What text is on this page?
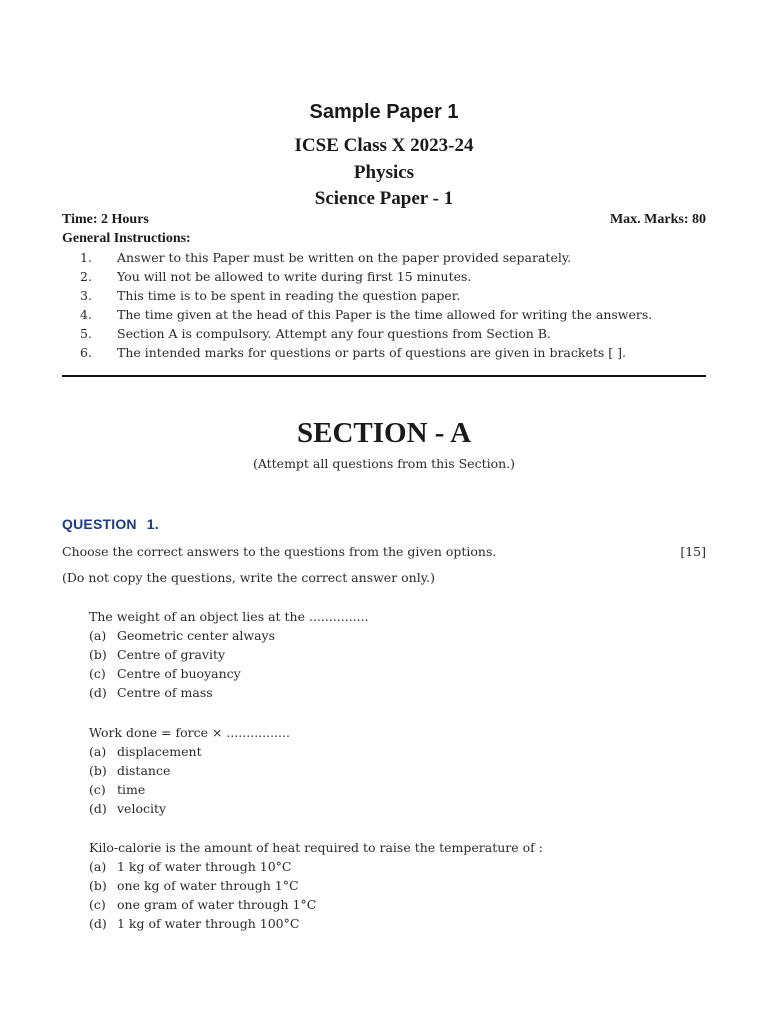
Sample Paper 1
ICSE Class X 2023-24
Physics
Science Paper - 1
Time: 2 Hours	Max. Marks: 80
General Instructions:
1.	Answer to this Paper must be written on the paper provided separately.
2.	You will not be allowed to write during first 15 minutes.
3.	This time is to be spent in reading the question paper.
4.	The time given at the head of this Paper is the time allowed for writing the answers.
5.	Section A is compulsory. Attempt any four questions from Section B.
6.	The intended marks for questions or parts of questions are given in brackets [ ].
SECTION - A
(Attempt all questions from this Section.)
QUESTION 1.
Choose the correct answers to the questions from the given options.	[15]
(Do not copy the questions, write the correct answer only.)
The weight of an object lies at the ...............
(a) Geometric center always
(b) Centre of gravity
(c) Centre of buoyancy
(d) Centre of mass
Work done = force × ................
(a) displacement
(b) distance
(c) time
(d) velocity
Kilo-calorie is the amount of heat required to raise the temperature of :
(a) 1 kg of water through 10°C
(b) one kg of water through 1°C
(c) one gram of water through 1°C
(d) 1 kg of water through 100°C
